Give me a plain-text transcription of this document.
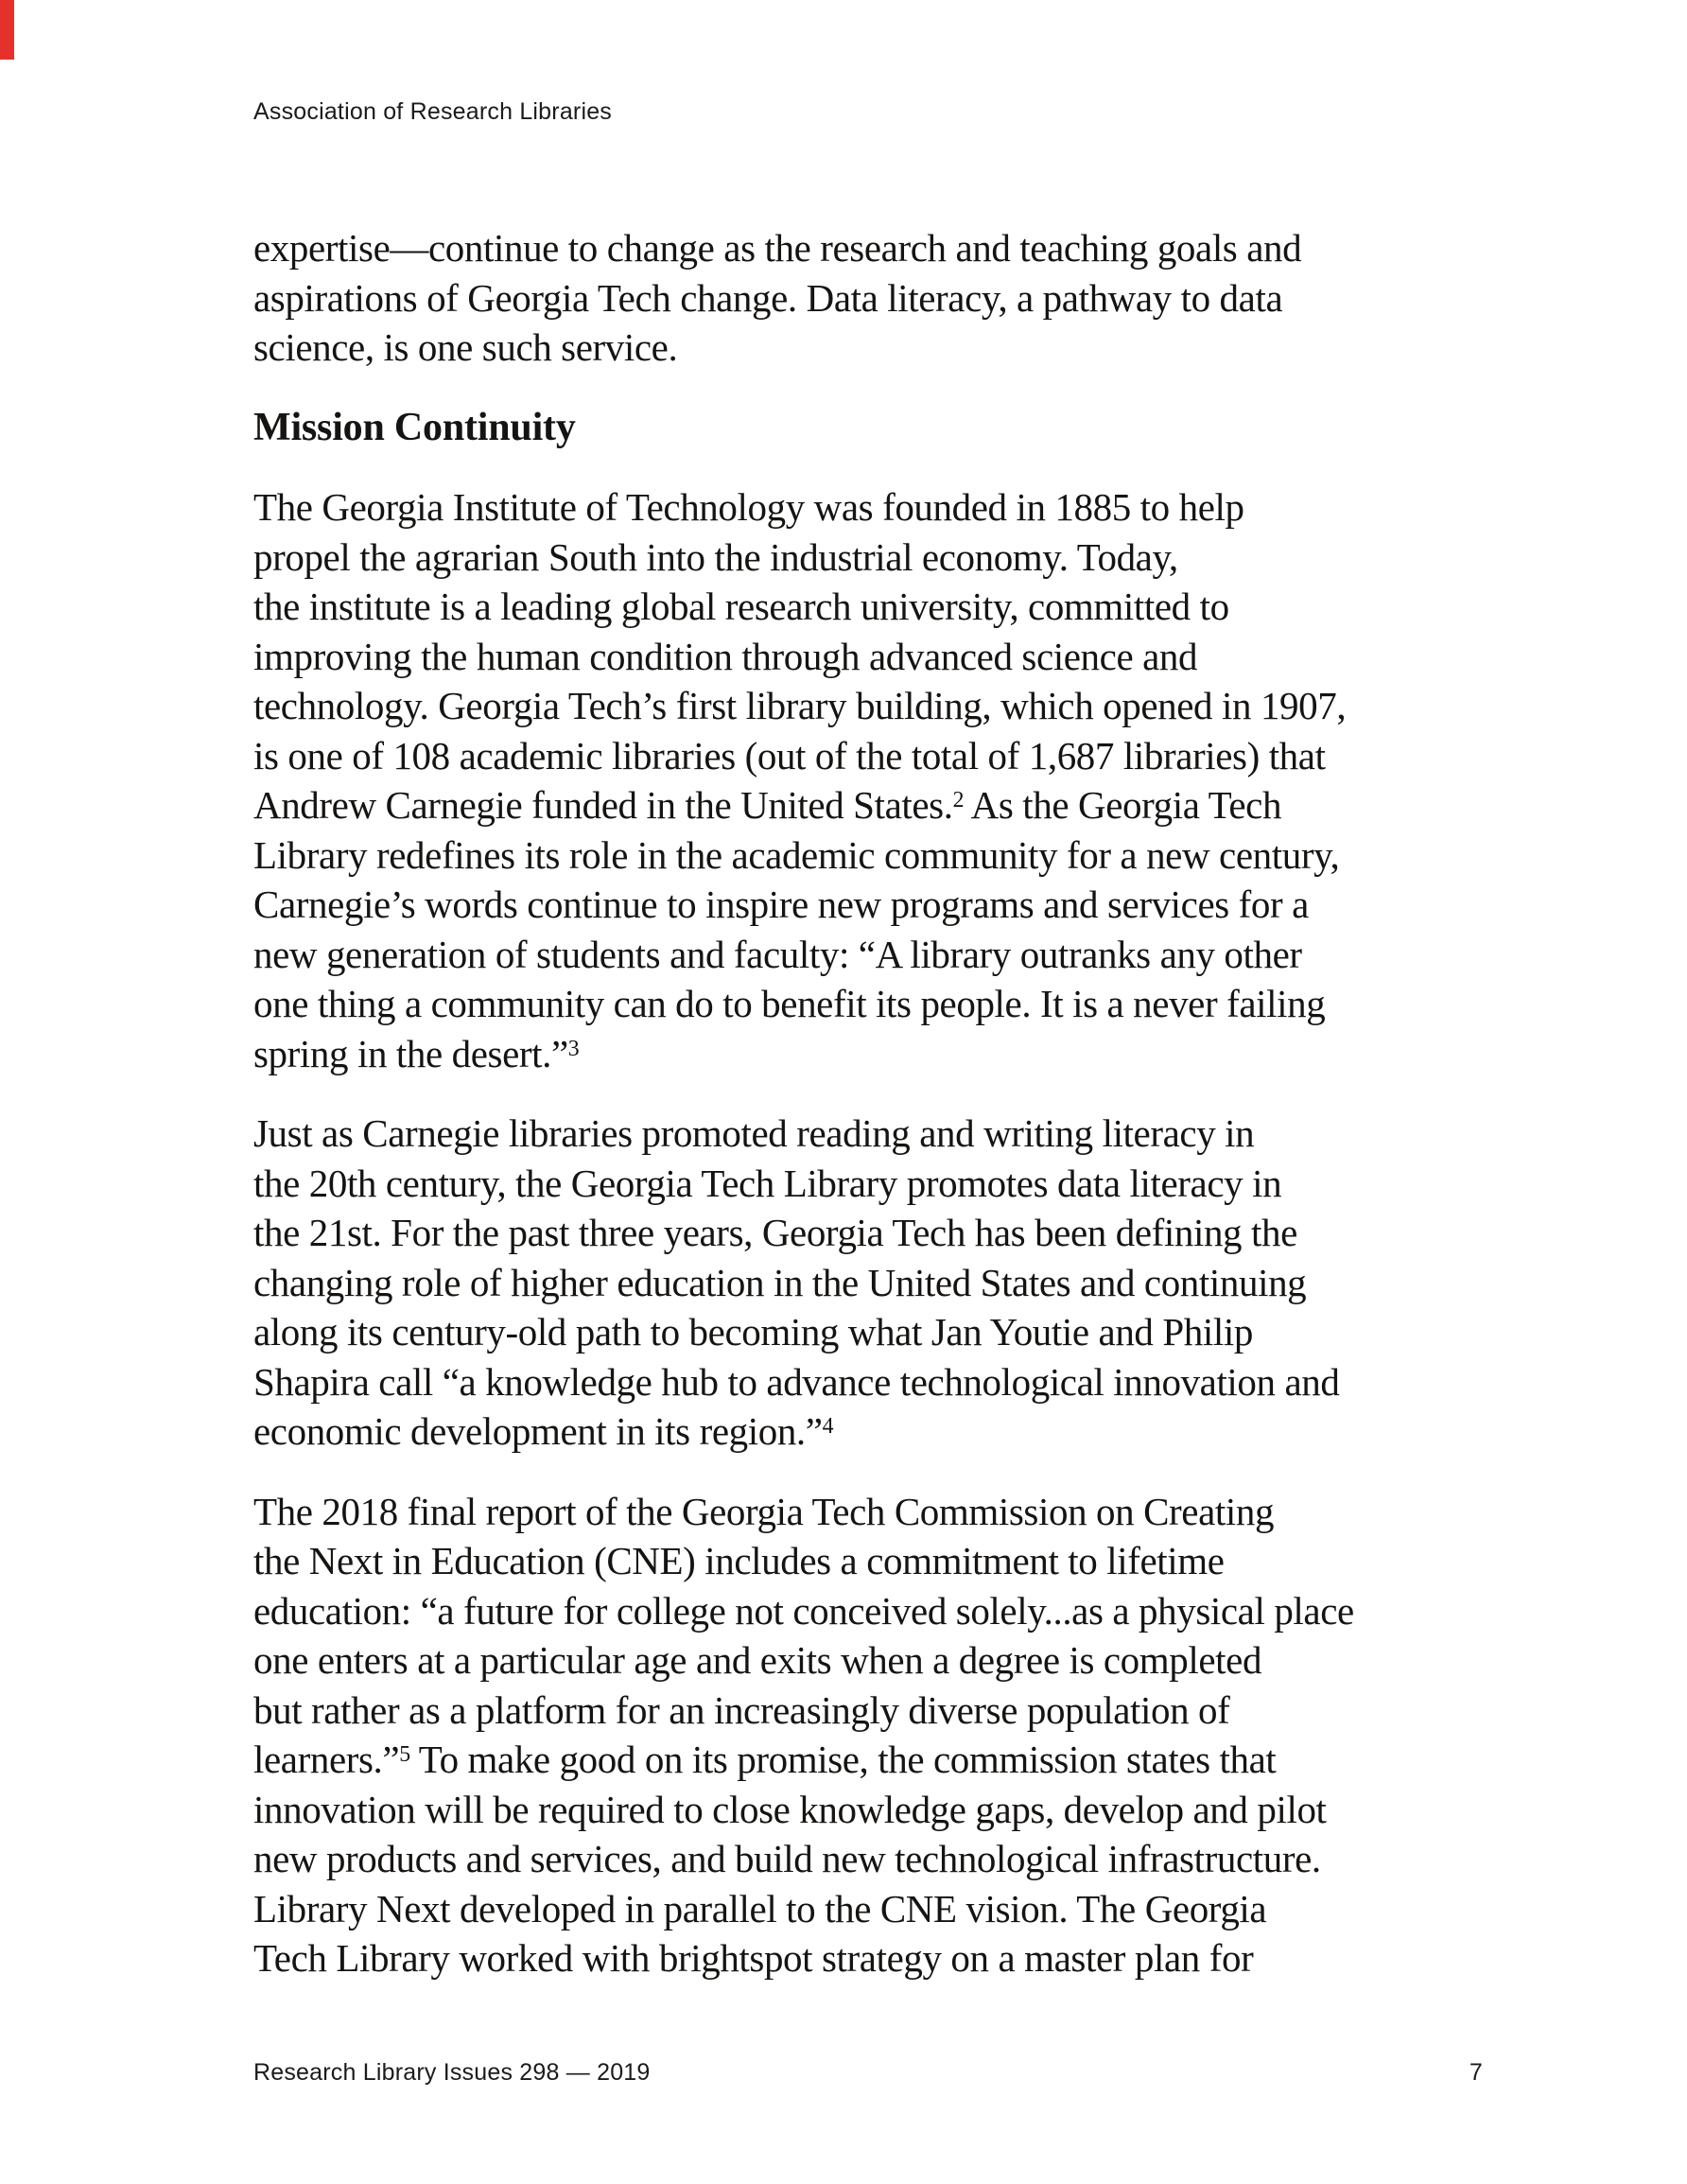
Association of Research Libraries
expertise—continue to change as the research and teaching goals and
aspirations of Georgia Tech change. Data literacy, a pathway to data
science, is one such service.
Mission Continuity
The Georgia Institute of Technology was founded in 1885 to help
propel the agrarian South into the industrial economy. Today,
the institute is a leading global research university, committed to
improving the human condition through advanced science and
technology. Georgia Tech’s first library building, which opened in 1907,
is one of 108 academic libraries (out of the total of 1,687 libraries) that
Andrew Carnegie funded in the United States.$^2$ As the Georgia Tech
Library redefines its role in the academic community for a new century,
Carnegie’s words continue to inspire new programs and services for a
new generation of students and faculty: “A library outranks any other
one thing a community can do to benefit its people. It is a never failing
spring in the desert.”$^3$
Just as Carnegie libraries promoted reading and writing literacy in
the 20th century, the Georgia Tech Library promotes data literacy in
the 21st. For the past three years, Georgia Tech has been defining the
changing role of higher education in the United States and continuing
along its century-old path to becoming what Jan Youtie and Philip
Shapira call “a knowledge hub to advance technological innovation and
economic development in its region.”$^4$
The 2018 final report of the Georgia Tech Commission on Creating
the Next in Education (CNE) includes a commitment to lifetime
education: “a future for college not conceived solely...as a physical place
one enters at a particular age and exits when a degree is completed
but rather as a platform for an increasingly diverse population of
learners.”$^5$ To make good on its promise, the commission states that
innovation will be required to close knowledge gaps, develop and pilot
new products and services, and build new technological infrastructure.
Library Next developed in parallel to the CNE vision. The Georgia
Tech Library worked with brightspot strategy on a master plan for
Research Library Issues 298 — 2019	7
